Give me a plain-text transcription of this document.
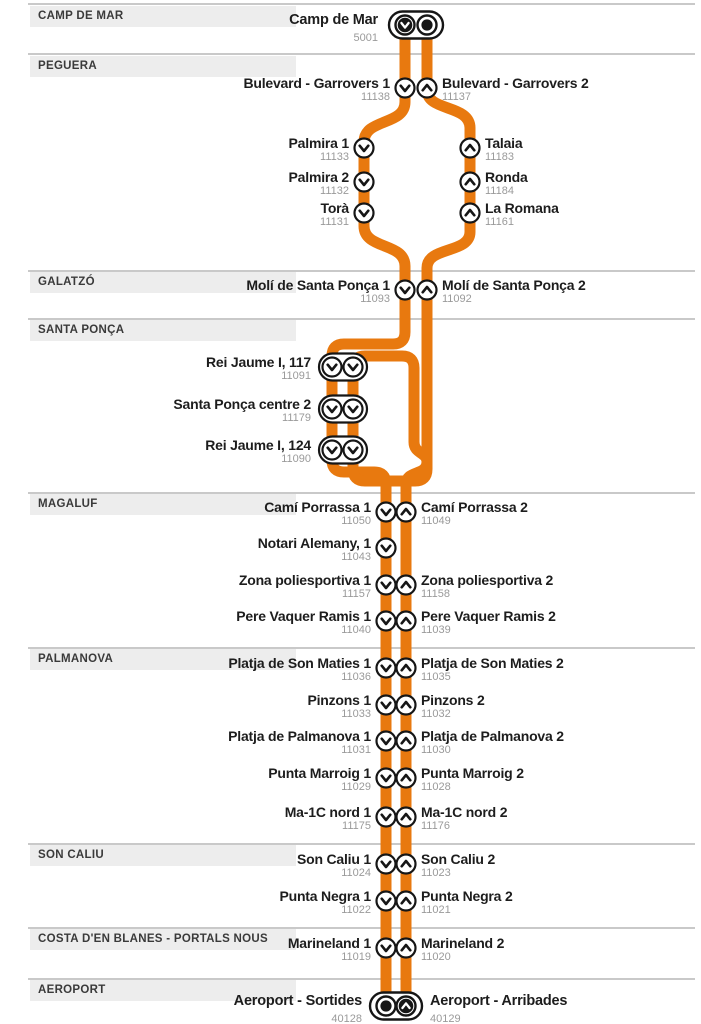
CAMP DE MAR
PEGUERA
GALATZÓ
SANTA PONÇA
MAGALUF
PALMANOVA
SON CALIU
COSTA D'EN BLANES - PORTALS NOUS
AEROPORT
Camp de Mar
5001
Bulevard - Garrovers 1
11138
Bulevard - Garrovers 2
11137
Palmira 1
11133
Talaia
11183
Palmira 2
11132
Ronda
11184
Torà
11131
La Romana
11161
Molí de Santa Ponça 1
11093
Molí de Santa Ponça 2
11092
Rei Jaume I, 117
11091
Santa Ponça centre 2
11179
Rei Jaume I, 124
11090
Camí Porrassa 1
11050
Camí Porrassa 2
11049
Notari Alemany, 1
11043
Zona poliesportiva 1
11157
Zona poliesportiva 2
11158
Pere Vaquer Ramis 1
11040
Pere Vaquer Ramis 2
11039
Platja de Son Maties 1
11036
Platja de Son Maties 2
11035
Pinzons 1
11033
Pinzons 2
11032
Platja de Palmanova 1
11031
Platja de Palmanova 2
11030
Punta Marroig 1
11029
Punta Marroig 2
11028
Ma-1C nord 1
11175
Ma-1C nord 2
11176
Son Caliu 1
11024
Son Caliu 2
11023
Punta Negra 1
11022
Punta Negra 2
11021
Marineland 1
11019
Marineland 2
11020
Aeroport - Sortides
40128
Aeroport - Arribades
40129
